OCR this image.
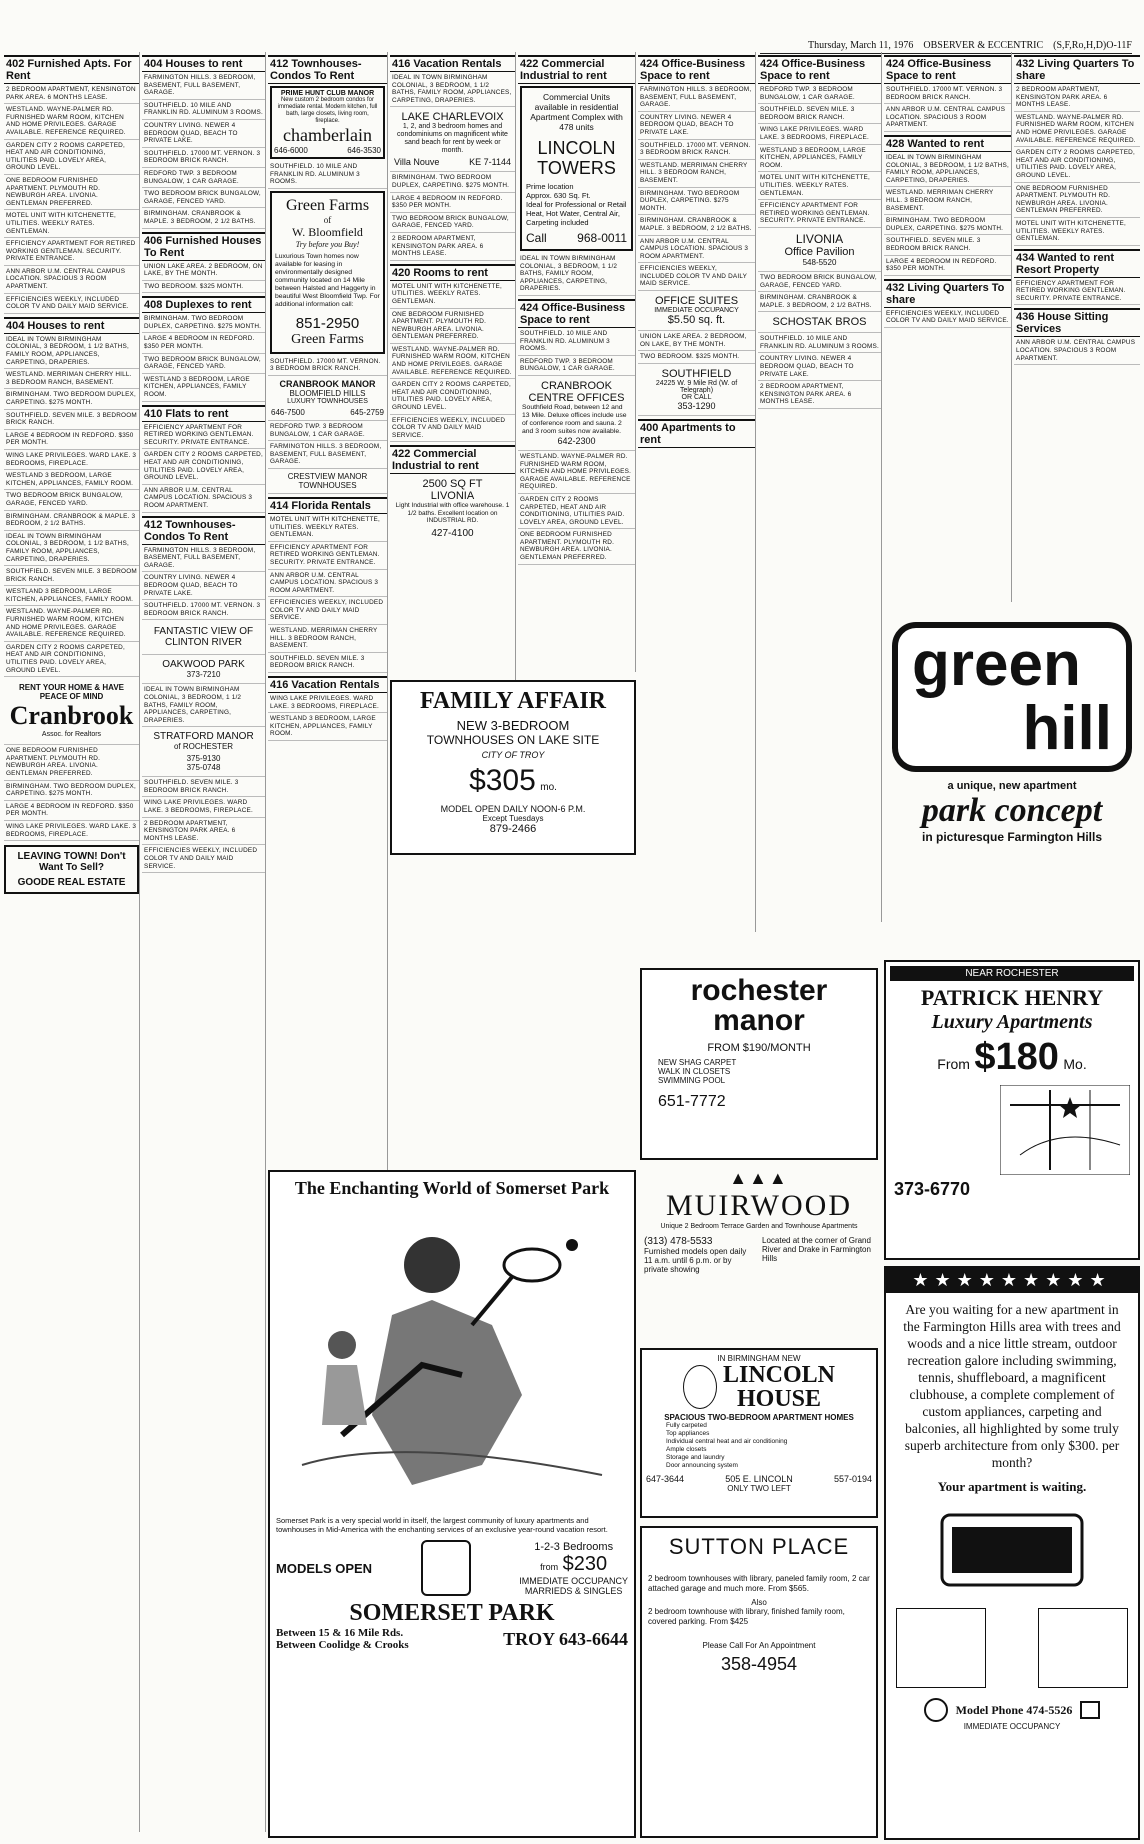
Thursday, March 11, 1976 OBSERVER & ECCENTRIC (S,F,Ro,H,D)O-11F
402 Furnished Apts. For Rent
2 BEDROOM APARTMENT, KENSINGTON PARK AREA. 6 MONTHS LEASE.
WESTLAND. WAYNE-PALMER RD. FURNISHED WARM ROOM, KITCHEN AND HOME PRIVILEGES. GARAGE AVAILABLE. REFERENCE REQUIRED.
GARDEN CITY 2 ROOMS CARPETED, HEAT AND AIR CONDITIONING, UTILITIES PAID. LOVELY AREA, GROUND LEVEL.
ONE BEDROOM FURNISHED APARTMENT. PLYMOUTH RD. NEWBURGH AREA. LIVONIA. GENTLEMAN PREFERRED.
MOTEL UNIT WITH KITCHENETTE, UTILITIES. WEEKLY RATES. GENTLEMAN.
EFFICIENCY APARTMENT FOR RETIRED WORKING GENTLEMAN. SECURITY. PRIVATE ENTRANCE.
ANN ARBOR U.M. CENTRAL CAMPUS LOCATION. SPACIOUS 3 ROOM APARTMENT.
EFFICIENCIES WEEKLY, INCLUDED COLOR TV AND DAILY MAID SERVICE.
404 Houses to rent
IDEAL IN TOWN BIRMINGHAM COLONIAL, 3 BEDROOM, 1 1/2 BATHS, FAMILY ROOM, APPLIANCES, CARPETING, DRAPERIES.
WESTLAND. MERRIMAN CHERRY HILL. 3 BEDROOM RANCH, BASEMENT.
BIRMINGHAM. TWO BEDROOM DUPLEX, CARPETING. $275 MONTH.
SOUTHFIELD. SEVEN MILE. 3 BEDROOM BRICK RANCH.
LARGE 4 BEDROOM IN REDFORD. $350 PER MONTH.
WING LAKE PRIVILEGES. WARD LAKE. 3 BEDROOMS, FIREPLACE.
WESTLAND 3 BEDROOM, LARGE KITCHEN, APPLIANCES, FAMILY ROOM.
TWO BEDROOM BRICK BUNGALOW, GARAGE, FENCED YARD.
BIRMINGHAM. CRANBROOK & MAPLE. 3 BEDROOM, 2 1/2 BATHS.
IDEAL IN TOWN BIRMINGHAM COLONIAL, 3 BEDROOM, 1 1/2 BATHS, FAMILY ROOM, APPLIANCES, CARPETING, DRAPERIES.
SOUTHFIELD. SEVEN MILE. 3 BEDROOM BRICK RANCH.
WESTLAND 3 BEDROOM, LARGE KITCHEN, APPLIANCES, FAMILY ROOM.
WESTLAND. WAYNE-PALMER RD. FURNISHED WARM ROOM, KITCHEN AND HOME PRIVILEGES. GARAGE AVAILABLE. REFERENCE REQUIRED.
GARDEN CITY 2 ROOMS CARPETED, HEAT AND AIR CONDITIONING, UTILITIES PAID. LOVELY AREA, GROUND LEVEL.
RENT YOUR HOME & HAVE PEACE OF MIND
Cranbrook
Assoc. for Realtors
ONE BEDROOM FURNISHED APARTMENT. PLYMOUTH RD. NEWBURGH AREA. LIVONIA. GENTLEMAN PREFERRED.
BIRMINGHAM. TWO BEDROOM DUPLEX, CARPETING. $275 MONTH.
LARGE 4 BEDROOM IN REDFORD. $350 PER MONTH.
WING LAKE PRIVILEGES. WARD LAKE. 3 BEDROOMS, FIREPLACE.
LEAVING TOWN! Don't Want To Sell?
GOODE REAL ESTATE
404 Houses to rent
FARMINGTON HILLS. 3 BEDROOM, BASEMENT, FULL BASEMENT, GARAGE.
SOUTHFIELD. 10 MILE AND FRANKLIN RD. ALUMINUM 3 ROOMS.
COUNTRY LIVING. NEWER 4 BEDROOM QUAD, BEACH TO PRIVATE LAKE.
SOUTHFIELD. 17000 MT. VERNON. 3 BEDROOM BRICK RANCH.
REDFORD TWP. 3 BEDROOM BUNGALOW, 1 CAR GARAGE.
TWO BEDROOM BRICK BUNGALOW, GARAGE, FENCED YARD.
BIRMINGHAM. CRANBROOK & MAPLE. 3 BEDROOM, 2 1/2 BATHS.
406 Furnished Houses To Rent
UNION LAKE AREA. 2 BEDROOM, ON LAKE, BY THE MONTH.
TWO BEDROOM. $325 MONTH.
408 Duplexes to rent
BIRMINGHAM. TWO BEDROOM DUPLEX, CARPETING. $275 MONTH.
LARGE 4 BEDROOM IN REDFORD. $350 PER MONTH.
TWO BEDROOM BRICK BUNGALOW, GARAGE, FENCED YARD.
WESTLAND 3 BEDROOM, LARGE KITCHEN, APPLIANCES, FAMILY ROOM.
410 Flats to rent
EFFICIENCY APARTMENT FOR RETIRED WORKING GENTLEMAN. SECURITY. PRIVATE ENTRANCE.
GARDEN CITY 2 ROOMS CARPETED, HEAT AND AIR CONDITIONING, UTILITIES PAID. LOVELY AREA, GROUND LEVEL.
ANN ARBOR U.M. CENTRAL CAMPUS LOCATION. SPACIOUS 3 ROOM APARTMENT.
412 Townhouses-Condos To Rent
FARMINGTON HILLS. 3 BEDROOM, BASEMENT, FULL BASEMENT, GARAGE.
COUNTRY LIVING. NEWER 4 BEDROOM QUAD, BEACH TO PRIVATE LAKE.
SOUTHFIELD. 17000 MT. VERNON. 3 BEDROOM BRICK RANCH.
FANTASTIC VIEW OF CLINTON RIVER
OAKWOOD PARK
373-7210
IDEAL IN TOWN BIRMINGHAM COLONIAL, 3 BEDROOM, 1 1/2 BATHS, FAMILY ROOM, APPLIANCES, CARPETING, DRAPERIES.
STRATFORD MANOR
of ROCHESTER
375-9130
375-0748
SOUTHFIELD. SEVEN MILE. 3 BEDROOM BRICK RANCH.
WING LAKE PRIVILEGES. WARD LAKE. 3 BEDROOMS, FIREPLACE.
2 BEDROOM APARTMENT, KENSINGTON PARK AREA. 6 MONTHS LEASE.
EFFICIENCIES WEEKLY, INCLUDED COLOR TV AND DAILY MAID SERVICE.
412 Townhouses-Condos To Rent
PRIME HUNT CLUB MANOR
New custom 2 bedroom condos for immediate rental. Modern kitchen, full bath, large closets, living room, fireplace.
chamberlain
646-6000	646-3530
SOUTHFIELD. 10 MILE AND FRANKLIN RD. ALUMINUM 3 ROOMS.
Green Farms
of
W. Bloomfield
Try before you Buy!
Luxurious Town homes now available for leasing in environmentally designed community located on 14 Mile between Halsted and Haggerty in beautiful West Bloomfield Twp. For additional information call:
851-2950
Green Farms
SOUTHFIELD. 17000 MT. VERNON. 3 BEDROOM BRICK RANCH.
CRANBROOK MANOR
BLOOMFIELD HILLS
LUXURY TOWNHOUSES
646-7500	645-2759
REDFORD TWP. 3 BEDROOM BUNGALOW, 1 CAR GARAGE.
FARMINGTON HILLS. 3 BEDROOM, BASEMENT, FULL BASEMENT, GARAGE.
CRESTVIEW MANOR TOWNHOUSES
414 Florida Rentals
MOTEL UNIT WITH KITCHENETTE, UTILITIES. WEEKLY RATES. GENTLEMAN.
EFFICIENCY APARTMENT FOR RETIRED WORKING GENTLEMAN. SECURITY. PRIVATE ENTRANCE.
ANN ARBOR U.M. CENTRAL CAMPUS LOCATION. SPACIOUS 3 ROOM APARTMENT.
EFFICIENCIES WEEKLY, INCLUDED COLOR TV AND DAILY MAID SERVICE.
WESTLAND. MERRIMAN CHERRY HILL. 3 BEDROOM RANCH, BASEMENT.
SOUTHFIELD. SEVEN MILE. 3 BEDROOM BRICK RANCH.
416 Vacation Rentals
WING LAKE PRIVILEGES. WARD LAKE. 3 BEDROOMS, FIREPLACE.
WESTLAND 3 BEDROOM, LARGE KITCHEN, APPLIANCES, FAMILY ROOM.
416 Vacation Rentals
IDEAL IN TOWN BIRMINGHAM COLONIAL, 3 BEDROOM, 1 1/2 BATHS, FAMILY ROOM, APPLIANCES, CARPETING, DRAPERIES.
LAKE CHARLEVOIX
1, 2, and 3 bedroom homes and condominiums on magnificent white sand beach for rent by week or month.
Villa Nouve	KE 7-1144
BIRMINGHAM. TWO BEDROOM DUPLEX, CARPETING. $275 MONTH.
LARGE 4 BEDROOM IN REDFORD. $350 PER MONTH.
TWO BEDROOM BRICK BUNGALOW, GARAGE, FENCED YARD.
2 BEDROOM APARTMENT, KENSINGTON PARK AREA. 6 MONTHS LEASE.
420 Rooms to rent
MOTEL UNIT WITH KITCHENETTE, UTILITIES. WEEKLY RATES. GENTLEMAN.
ONE BEDROOM FURNISHED APARTMENT. PLYMOUTH RD. NEWBURGH AREA. LIVONIA. GENTLEMAN PREFERRED.
WESTLAND. WAYNE-PALMER RD. FURNISHED WARM ROOM, KITCHEN AND HOME PRIVILEGES. GARAGE AVAILABLE. REFERENCE REQUIRED.
GARDEN CITY 2 ROOMS CARPETED, HEAT AND AIR CONDITIONING, UTILITIES PAID. LOVELY AREA, GROUND LEVEL.
EFFICIENCIES WEEKLY, INCLUDED COLOR TV AND DAILY MAID SERVICE.
422 Commercial Industrial to rent
2500 SQ FT
LIVONIA
Light Industrial with office warehouse. 1 1/2 baths. Excellent location on INDUSTRIAL RD.
427-4100
FAMILY AFFAIR
NEW 3-BEDROOM
TOWNHOUSES ON LAKE SITE
CITY OF TROY
$305 mo.
MODEL OPEN DAILY NOON-6 P.M.
Except Tuesdays
879-2466
The Enchanting World of Somerset Park
Somerset Park is a very special world in itself, the largest community of luxury apartments and townhouses in Mid-America with the enchanting services of an exclusive year-round vacation resort.
MODELS OPEN
1-2-3 Bedrooms
from $230
IMMEDIATE OCCUPANCY
MARRIEDS & SINGLES
SOMERSET PARK
Between 15 & 16 Mile Rds.
Between Coolidge & Crooks	TROY 643-6644
422 Commercial Industrial to rent
Commercial Units available in residential Apartment Complex with 478 units
LINCOLN TOWERS
Prime location
Approx. 630 Sq. Ft.
Ideal for Professional or Retail
Heat, Hot Water, Central Air, Carpeting included
Call	968-0011
IDEAL IN TOWN BIRMINGHAM COLONIAL, 3 BEDROOM, 1 1/2 BATHS, FAMILY ROOM, APPLIANCES, CARPETING, DRAPERIES.
424 Office-Business Space to rent
SOUTHFIELD. 10 MILE AND FRANKLIN RD. ALUMINUM 3 ROOMS.
REDFORD TWP. 3 BEDROOM BUNGALOW, 1 CAR GARAGE.
CRANBROOK CENTRE OFFICES
Southfield Road, between 12 and 13 Mile. Deluxe offices include use of conference room and sauna. 2 and 3 room suites now available.
642-2300
WESTLAND. WAYNE-PALMER RD. FURNISHED WARM ROOM, KITCHEN AND HOME PRIVILEGES. GARAGE AVAILABLE. REFERENCE REQUIRED.
GARDEN CITY 2 ROOMS CARPETED, HEAT AND AIR CONDITIONING, UTILITIES PAID. LOVELY AREA, GROUND LEVEL.
ONE BEDROOM FURNISHED APARTMENT. PLYMOUTH RD. NEWBURGH AREA. LIVONIA. GENTLEMAN PREFERRED.
424 Office-Business Space to rent
FARMINGTON HILLS. 3 BEDROOM, BASEMENT, FULL BASEMENT, GARAGE.
COUNTRY LIVING. NEWER 4 BEDROOM QUAD, BEACH TO PRIVATE LAKE.
SOUTHFIELD. 17000 MT. VERNON. 3 BEDROOM BRICK RANCH.
WESTLAND. MERRIMAN CHERRY HILL. 3 BEDROOM RANCH, BASEMENT.
BIRMINGHAM. TWO BEDROOM DUPLEX, CARPETING. $275 MONTH.
BIRMINGHAM. CRANBROOK & MAPLE. 3 BEDROOM, 2 1/2 BATHS.
ANN ARBOR U.M. CENTRAL CAMPUS LOCATION. SPACIOUS 3 ROOM APARTMENT.
EFFICIENCIES WEEKLY, INCLUDED COLOR TV AND DAILY MAID SERVICE.
OFFICE SUITES
IMMEDIATE OCCUPANCY
$5.50 sq. ft.
UNION LAKE AREA. 2 BEDROOM, ON LAKE, BY THE MONTH.
TWO BEDROOM. $325 MONTH.
SOUTHFIELD
24225 W. 9 Mile Rd (W. of Telegraph)
OR CALL
353-1290
400 Apartments to rent
424 Office-Business Space to rent
REDFORD TWP. 3 BEDROOM BUNGALOW, 1 CAR GARAGE.
SOUTHFIELD. SEVEN MILE. 3 BEDROOM BRICK RANCH.
WING LAKE PRIVILEGES. WARD LAKE. 3 BEDROOMS, FIREPLACE.
WESTLAND 3 BEDROOM, LARGE KITCHEN, APPLIANCES, FAMILY ROOM.
MOTEL UNIT WITH KITCHENETTE, UTILITIES. WEEKLY RATES. GENTLEMAN.
EFFICIENCY APARTMENT FOR RETIRED WORKING GENTLEMAN. SECURITY. PRIVATE ENTRANCE.
LIVONIA
Office Pavilion
548-5520
TWO BEDROOM BRICK BUNGALOW, GARAGE, FENCED YARD.
BIRMINGHAM. CRANBROOK & MAPLE. 3 BEDROOM, 2 1/2 BATHS.
SCHOSTAK BROS
SOUTHFIELD. 10 MILE AND FRANKLIN RD. ALUMINUM 3 ROOMS.
COUNTRY LIVING. NEWER 4 BEDROOM QUAD, BEACH TO PRIVATE LAKE.
2 BEDROOM APARTMENT, KENSINGTON PARK AREA. 6 MONTHS LEASE.
424 Office-Business Space to rent
SOUTHFIELD. 17000 MT. VERNON. 3 BEDROOM BRICK RANCH.
ANN ARBOR U.M. CENTRAL CAMPUS LOCATION. SPACIOUS 3 ROOM APARTMENT.
428 Wanted to rent
IDEAL IN TOWN BIRMINGHAM COLONIAL, 3 BEDROOM, 1 1/2 BATHS, FAMILY ROOM, APPLIANCES, CARPETING, DRAPERIES.
WESTLAND. MERRIMAN CHERRY HILL. 3 BEDROOM RANCH, BASEMENT.
BIRMINGHAM. TWO BEDROOM DUPLEX, CARPETING. $275 MONTH.
SOUTHFIELD. SEVEN MILE. 3 BEDROOM BRICK RANCH.
LARGE 4 BEDROOM IN REDFORD. $350 PER MONTH.
432 Living Quarters To share
EFFICIENCIES WEEKLY, INCLUDED COLOR TV AND DAILY MAID SERVICE.
432 Living Quarters To share
2 BEDROOM APARTMENT, KENSINGTON PARK AREA. 6 MONTHS LEASE.
WESTLAND. WAYNE-PALMER RD. FURNISHED WARM ROOM, KITCHEN AND HOME PRIVILEGES. GARAGE AVAILABLE. REFERENCE REQUIRED.
GARDEN CITY 2 ROOMS CARPETED, HEAT AND AIR CONDITIONING, UTILITIES PAID. LOVELY AREA, GROUND LEVEL.
ONE BEDROOM FURNISHED APARTMENT. PLYMOUTH RD. NEWBURGH AREA. LIVONIA. GENTLEMAN PREFERRED.
MOTEL UNIT WITH KITCHENETTE, UTILITIES. WEEKLY RATES. GENTLEMAN.
434 Wanted to rent Resort Property
EFFICIENCY APARTMENT FOR RETIRED WORKING GENTLEMAN. SECURITY. PRIVATE ENTRANCE.
436 House Sitting Services
ANN ARBOR U.M. CENTRAL CAMPUS LOCATION. SPACIOUS 3 ROOM APARTMENT.
green
hill
a unique, new apartment
park concept
in picturesque Farmington Hills
NEAR ROCHESTER
PATRICK HENRY
Luxury Apartments
From $180 Mo.
373-6770
★★★★★★★★★
Are you waiting for a new apartment in the Farmington Hills area with trees and woods and a nice little stream, outdoor recreation galore including swimming, tennis, shuffleboard, a magnificent clubhouse, a complete complement of custom appliances, carpeting and balconies, all highlighted by some truly superb architecture from only $300. per month?
Your apartment is waiting.
Model Phone 474-5526
IMMEDIATE OCCUPANCY
rochester
manor
FROM $190/MONTH
NEW SHAG CARPET
WALK IN CLOSETS
SWIMMING POOL
651-7772
▲▲▲
MUIRWOOD
Unique 2 Bedroom Terrace Garden and Townhouse Apartments
(313) 478-5533
Furnished models open daily 11 a.m. until 6 p.m. or by private showing
Located at the corner of Grand River and Drake in Farmington Hills
IN BIRMINGHAM NEW
LINCOLN
HOUSE
SPACIOUS TWO-BEDROOM APARTMENT HOMES
Fully carpeted
Top appliances
Individual central heat and air conditioning
Ample closets
Storage and laundry
Door announcing system
647-3644	505 E. LINCOLN	557-0194
ONLY TWO LEFT
SUTTON PLACE
2 bedroom townhouses with library, paneled family room, 2 car attached garage and much more. From $565.
Also
2 bedroom townhouse with library, finished family room, covered parking. From $425
Please Call For An Appointment
358-4954
